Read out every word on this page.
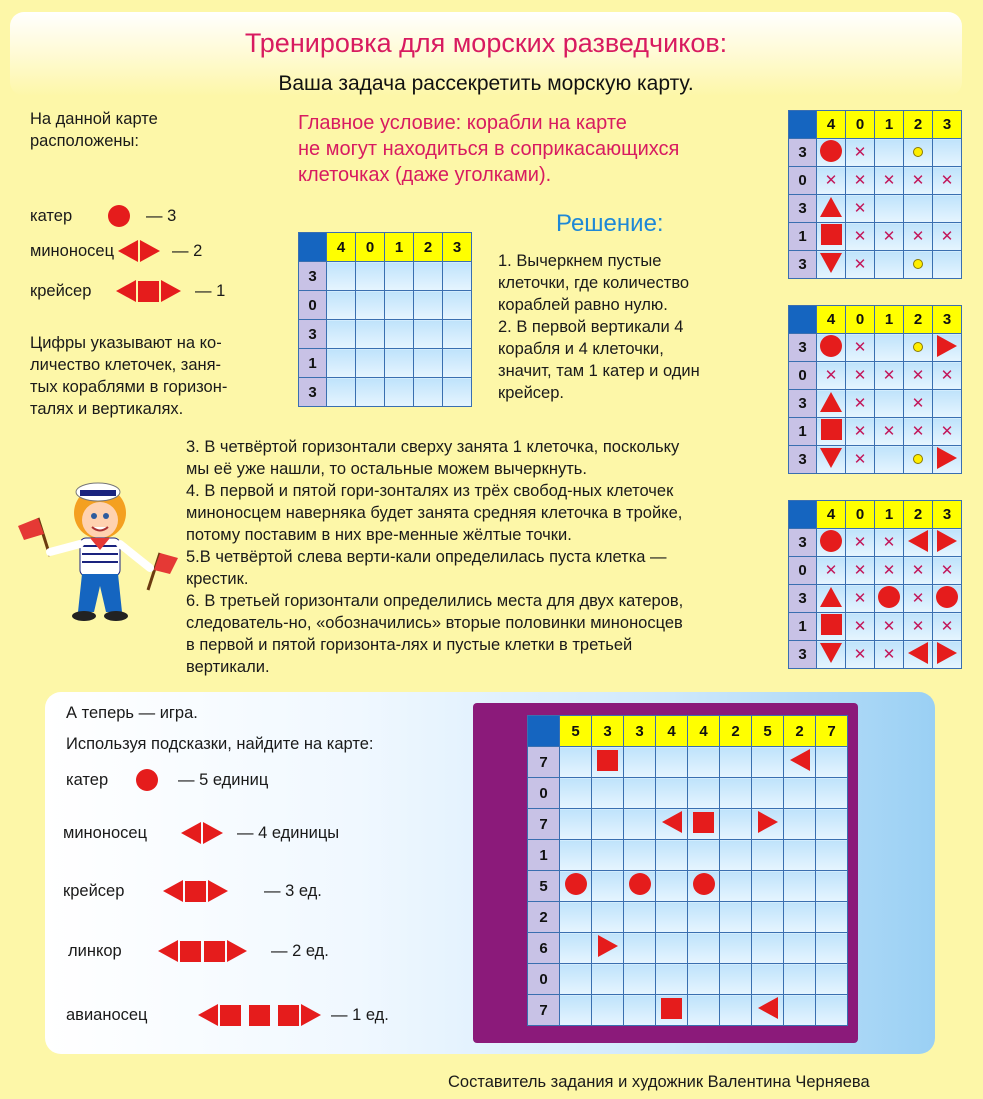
Тренировка для морских разведчиков:
Ваша задача рассекретить морскую карту.
На данной карте
расположены:
катер	— 3
миноносец	— 2
крейсер	— 1
Цифры указывают на ко-
личество клеточек, заня-
тых кораблями в горизон-
талях и вертикалях.
Главное условие: корабли на карте
не могут находиться в соприкасающихся
клеточках (даже уголками).
Решение:
	4	0	1	2	3
3					
0					
3					
1					
3					
1. Вычеркнем пустые
клеточки, где количество
кораблей равно нулю.
2. В первой вертикали 4
корабля и 4 клеточки,
значит, там 1 катер и один
крейсер.
	4	0	1	2	3
3		✕			
0	✕	✕	✕	✕	✕
3		✕			
1		✕	✕	✕	✕
3		✕			
	4	0	1	2	3
3		✕			
0	✕	✕	✕	✕	✕
3		✕		✕	
1		✕	✕	✕	✕
3		✕			
	4	0	1	2	3
3		✕	✕		
0	✕	✕	✕	✕	✕
3		✕		✕	
1		✕	✕	✕	✕
3		✕	✕		
3. В четвёртой горизонтали сверху занята 1 клеточка, поскольку
мы её уже нашли, то остальные можем вычеркнуть.
4. В первой и пятой гори-зонталях из трёх свобод-ных клеточек
миноносцем наверняка будет занята средняя клеточка в тройке,
потому поставим в них вре-менные жёлтые точки.
5.В четвёртой слева верти-кали определилась пуста клетка —
крестик.
6. В третьей горизонтали определились места для двух катеров,
следователь-но, «обозначились» вторые половинки миноносцев
в первой и пятой горизонта-лях и пустые клетки в третьей
вертикали.
А теперь — игра.
Используя подсказки, найдите на карте:
катер	— 5 единиц
миноносец	— 4 единицы
крейсер	— 3 ед.
линкор	— 2 ед.
авианосец	— 1 ед.
	5	3	3	4	4	2	5	2	7
7									
0									
7									
1									
5									
2									
6									
0									
7									
Составитель задания и художник Валентина Черняева
